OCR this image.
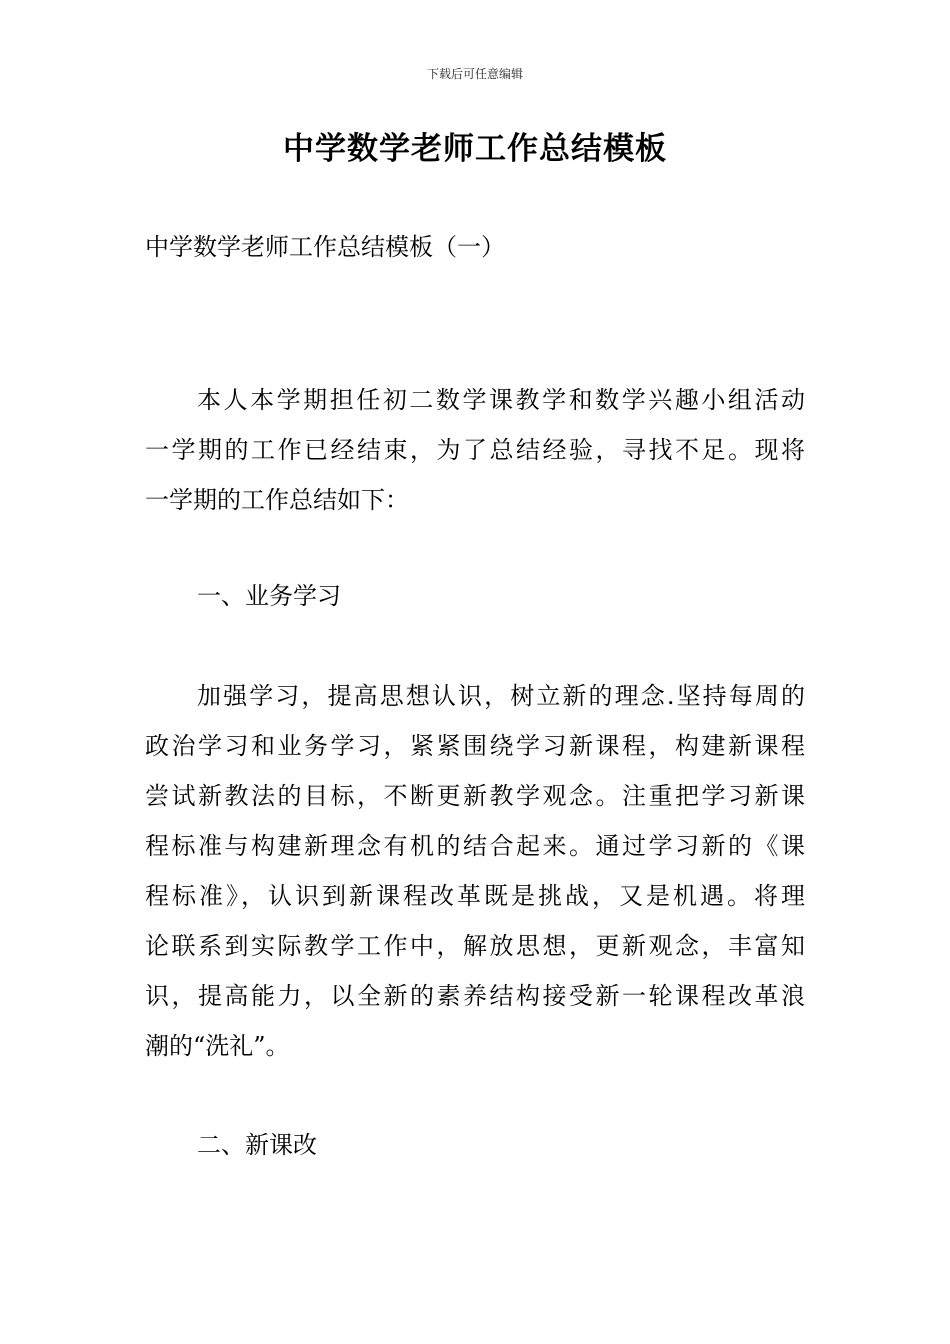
下载后可任意编辑
中学数学老师工作总结模板
中学数学老师工作总结模板（一）
本人本学期担任初二数学课教学和数学兴趣小组活动
一学期的工作已经结束，为了总结经验，寻找不足。现将
一学期的工作总结如下：
一、业务学习
加强学习，提高思想认识，树立新的理念.坚持每周的
政治学习和业务学习，紧紧围绕学习新课程，构建新课程
尝试新教法的目标，不断更新教学观念。注重把学习新课
程标准与构建新理念有机的结合起来。通过学习新的《课
程标准》，认识到新课程改革既是挑战，又是机遇。将理
论联系到实际教学工作中，解放思想，更新观念，丰富知
识，提高能力，以全新的素养结构接受新一轮课程改革浪
潮的“洗礼”。
二、新课改
